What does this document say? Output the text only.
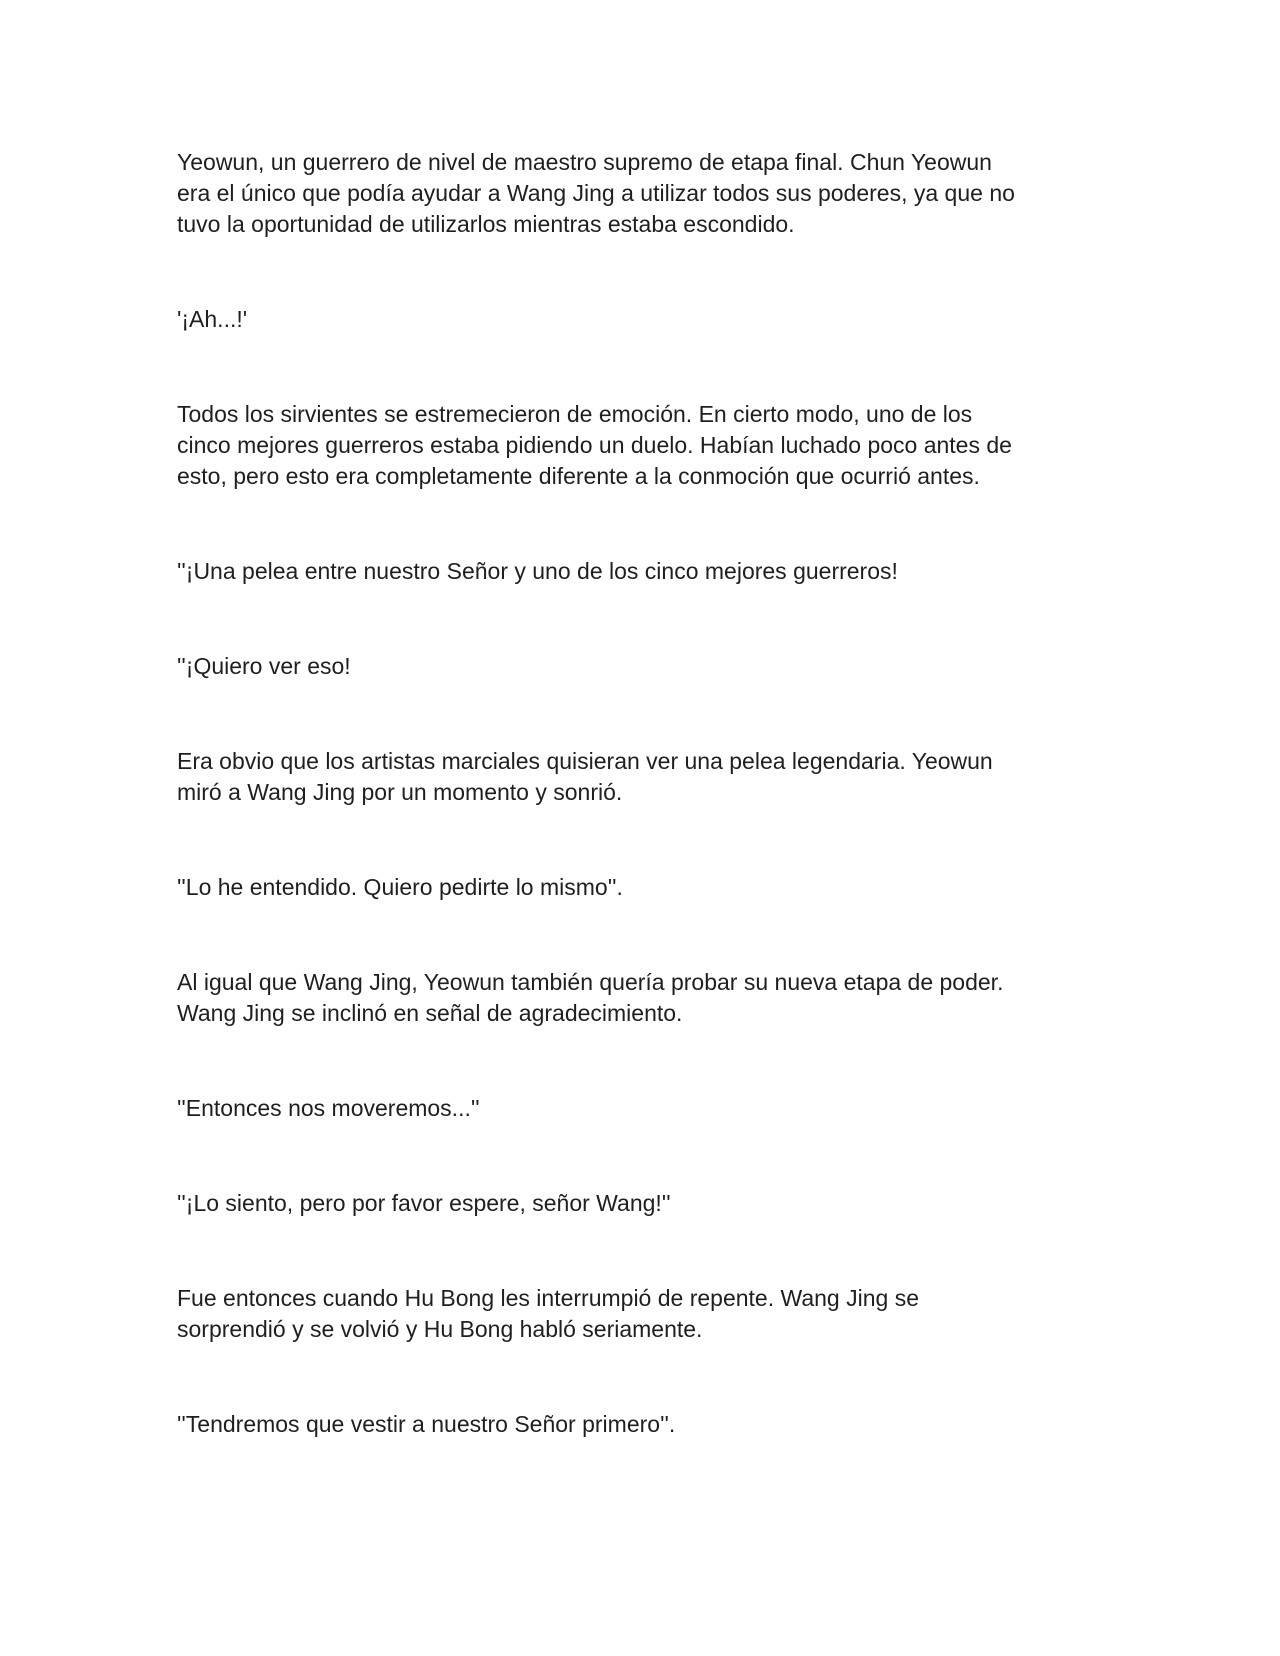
Yeowun, un guerrero de nivel de maestro supremo de etapa final. Chun Yeowun
era el único que podía ayudar a Wang Jing a utilizar todos sus poderes, ya que no
tuvo la oportunidad de utilizarlos mientras estaba escondido.

'¡Ah...!'

Todos los sirvientes se estremecieron de emoción. En cierto modo, uno de los
cinco mejores guerreros estaba pidiendo un duelo. Habían luchado poco antes de
esto, pero esto era completamente diferente a la conmoción que ocurrió antes.

''¡Una pelea entre nuestro Señor y uno de los cinco mejores guerreros!

''¡Quiero ver eso!

Era obvio que los artistas marciales quisieran ver una pelea legendaria. Yeowun
miró a Wang Jing por un momento y sonrió.

''Lo he entendido. Quiero pedirte lo mismo''.

Al igual que Wang Jing, Yeowun también quería probar su nueva etapa de poder.
Wang Jing se inclinó en señal de agradecimiento.

''Entonces nos moveremos...''

''¡Lo siento, pero por favor espere, señor Wang!''

Fue entonces cuando Hu Bong les interrumpió de repente. Wang Jing se
sorprendió y se volvió y Hu Bong habló seriamente.

''Tendremos que vestir a nuestro Señor primero''.
